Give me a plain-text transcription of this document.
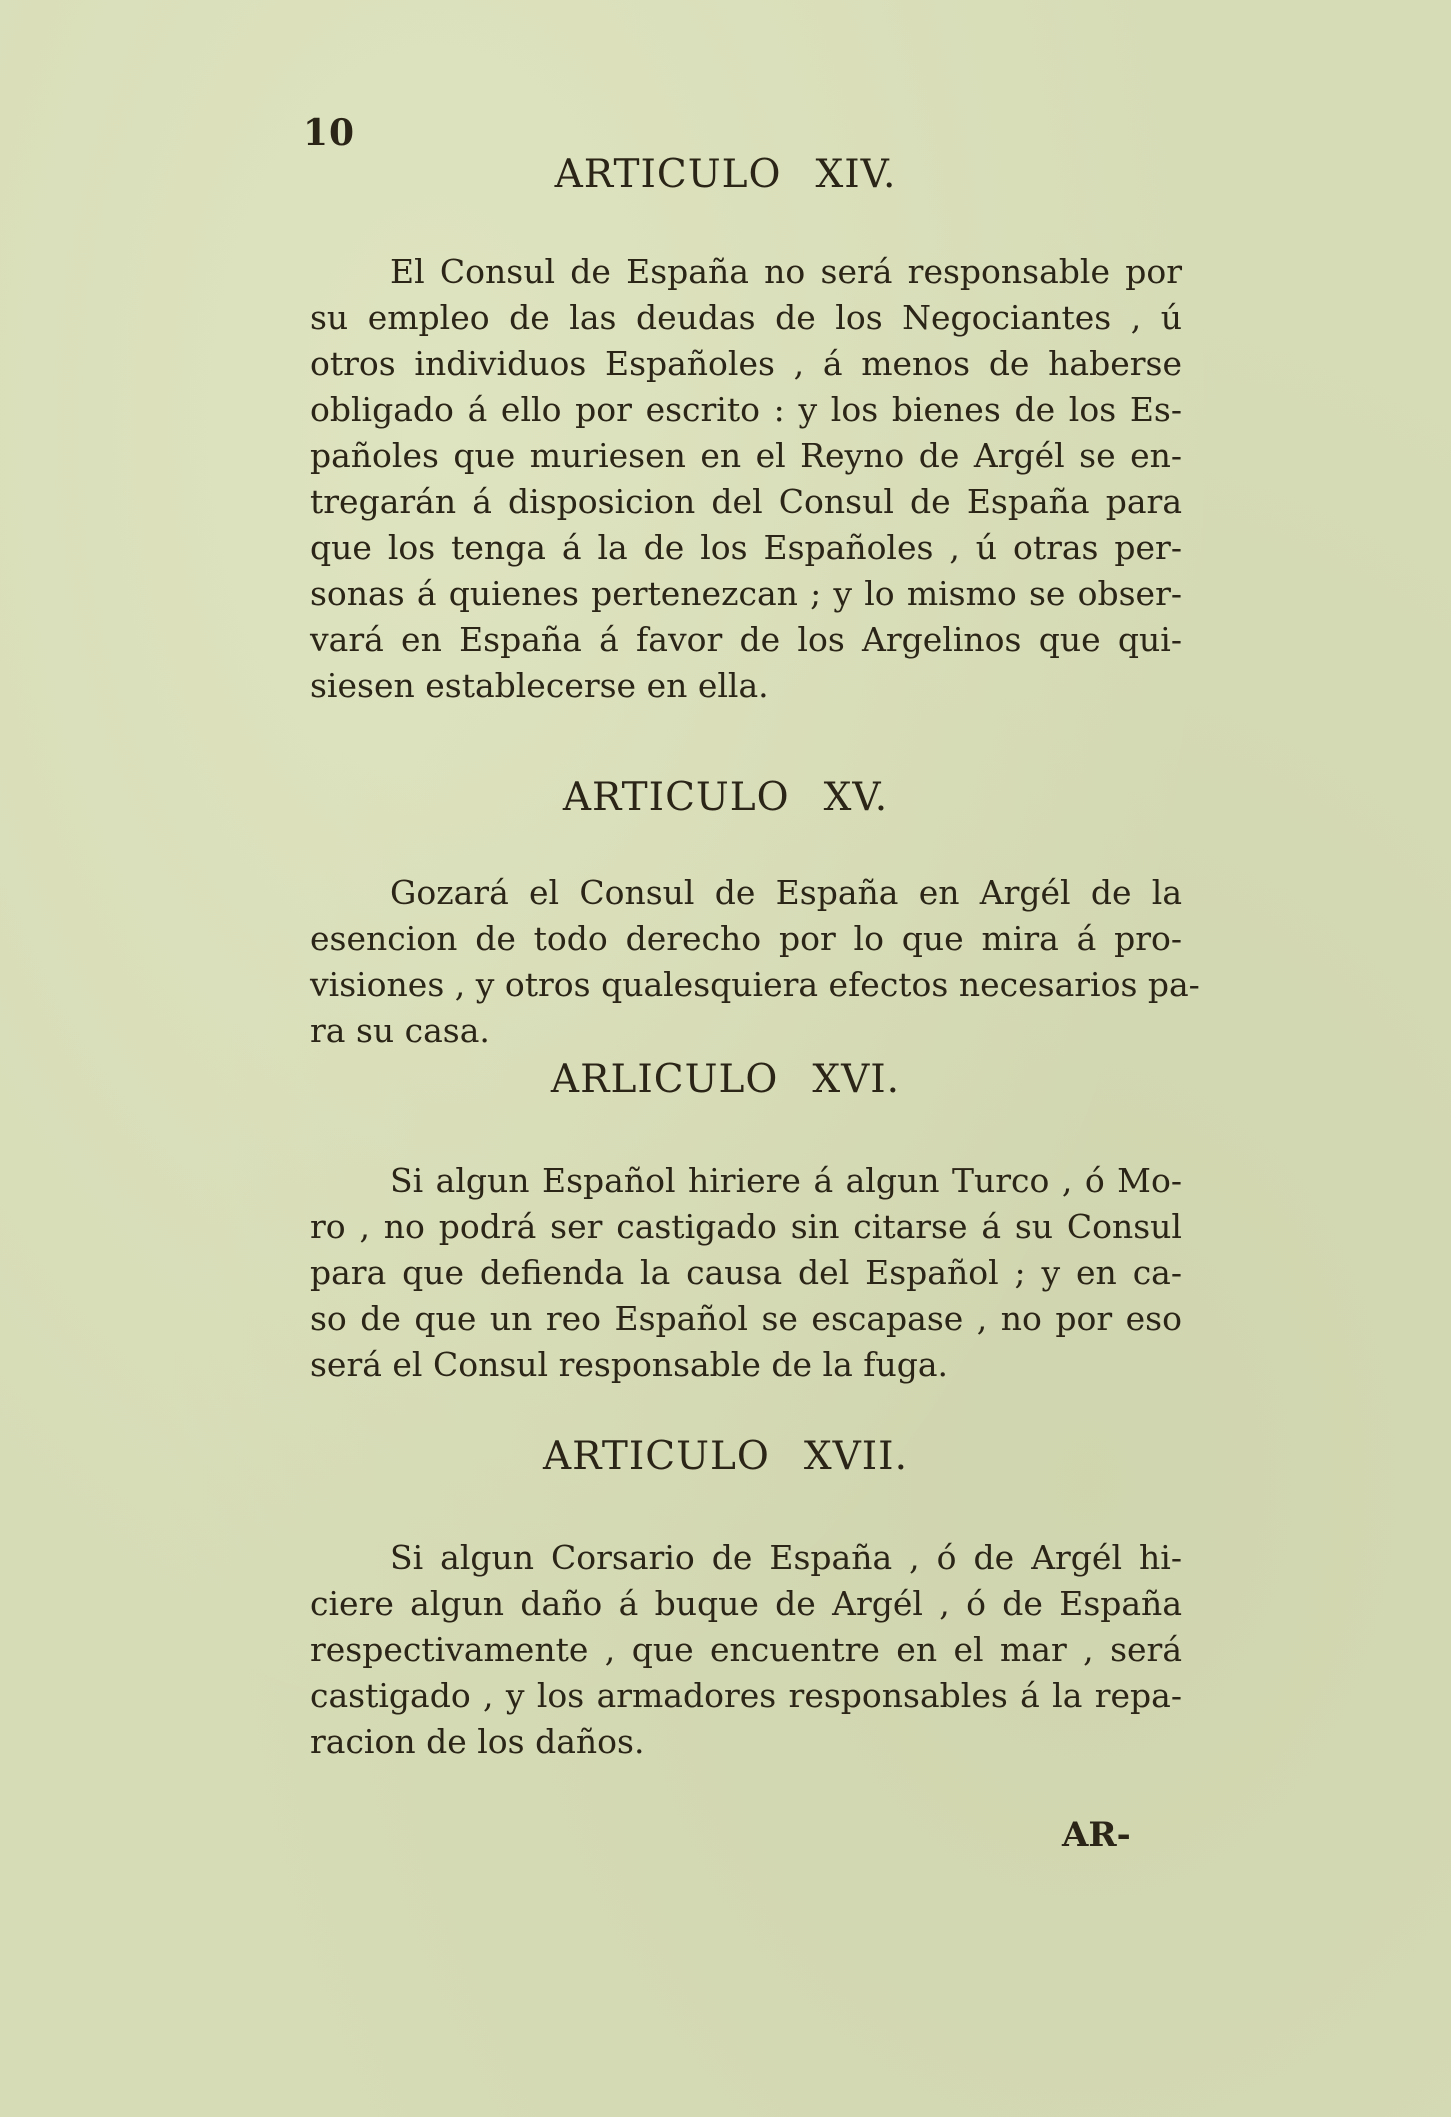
10
ARTICULO XIV.
El Consul de España no será responsable por
su empleo de las deudas de los Negociantes , ú
otros individuos Españoles , á menos de haberse
obligado á ello por escrito : y los bienes de los Es-
pañoles que muriesen en el Reyno de Argél se en-
tregarán á disposicion del Consul de España para
que los tenga á la de los Españoles , ú otras per-
sonas á quienes pertenezcan ; y lo mismo se obser-
vará en España á favor de los Argelinos que qui-
siesen establecerse en ella.
ARTICULO XV.
Gozará el Consul de España en Argél de la
esencion de todo derecho por lo que mira á pro-
visiones , y otros qualesquiera efectos necesarios pa-
ra su casa.
ARLICULO XVI.
Si algun Español hiriere á algun Turco , ó Mo-
ro , no podrá ser castigado sin citarse á su Consul
para que defienda la causa del Español ; y en ca-
so de que un reo Español se escapase , no por eso
será el Consul responsable de la fuga.
ARTICULO XVII.
Si algun Corsario de España , ó de Argél hi-
ciere algun daño á buque de Argél , ó de España
respectivamente , que encuentre en el mar , será
castigado , y los armadores responsables á la repa-
racion de los daños.
AR-
